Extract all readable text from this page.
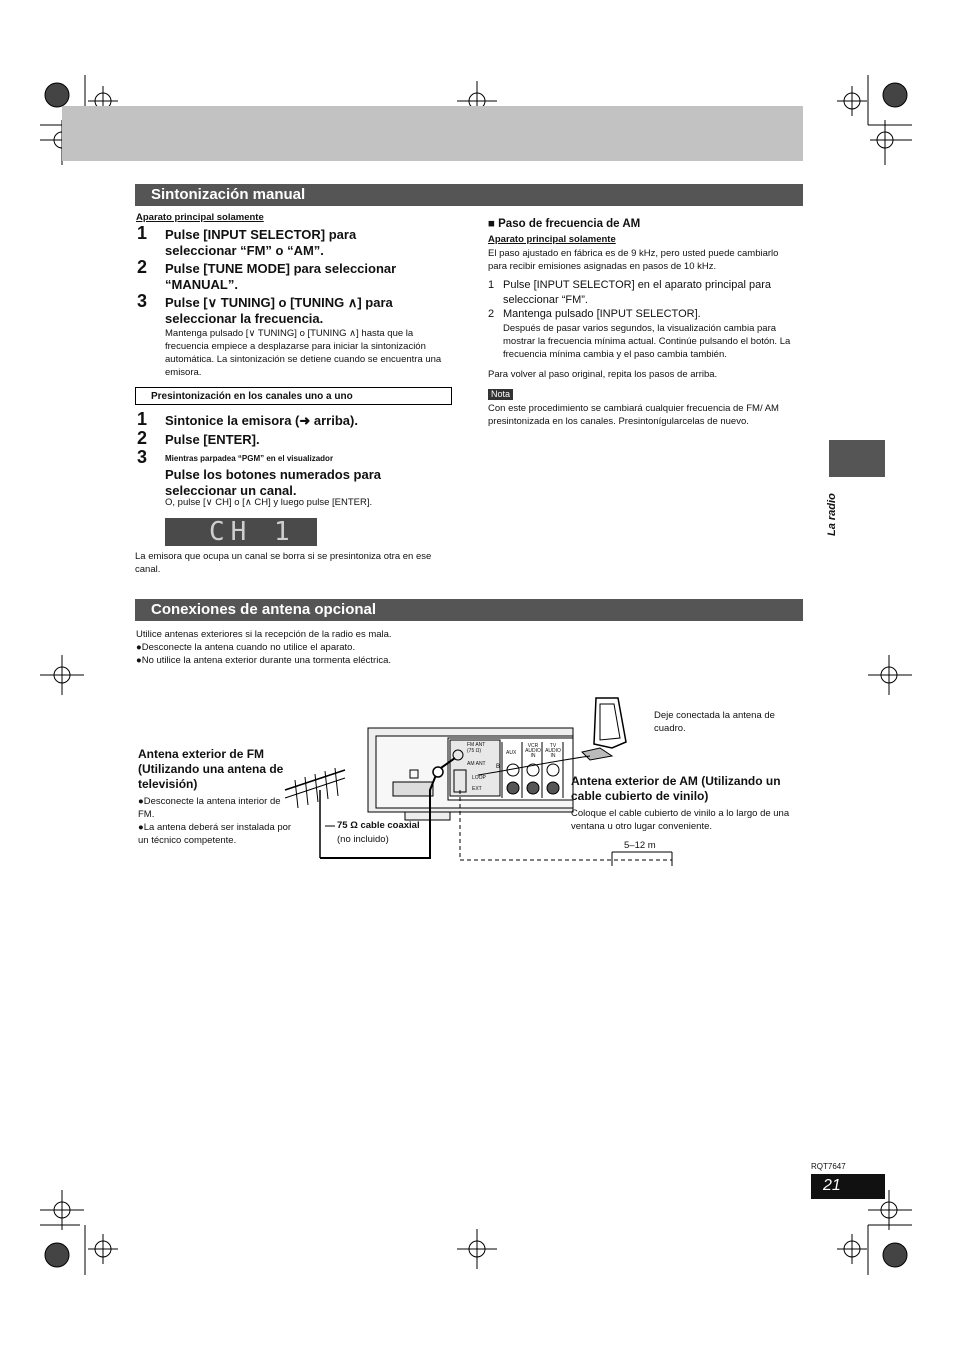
Sintonización manual
Aparato principal solamente
1 Pulse [INPUT SELECTOR] para seleccionar “FM” o “AM”.
2 Pulse [TUNE MODE] para seleccionar “MANUAL”.
3 Pulse [∨ TUNING] o [TUNING ∧] para seleccionar la frecuencia.
Mantenga pulsado [∨ TUNING] o [TUNING ∧] hasta que la frecuencia empiece a desplazarse para iniciar la sintonización automática. La sintonización se detiene cuando se encuentra una emisora.
Presintonización en los canales uno a uno
1 Sintonice la emisora (➜ arriba).
2 Pulse [ENTER].
3 Mientras parpadea “PGM” en el visualizador
Pulse los botones numerados para seleccionar un canal.
O, pulse [∨ CH] o [∧ CH] y luego pulse [ENTER].
CH 1
La emisora que ocupa un canal se borra si se presintoniza otra en ese canal.
■ Paso de frecuencia de AM
Aparato principal solamente
El paso ajustado en fábrica es de 9 kHz, pero usted puede cambiarlo para recibir emisiones asignadas en pasos de 10 kHz.
1 Pulse [INPUT SELECTOR] en el aparato principal para seleccionar “FM”.
2 Mantenga pulsado [INPUT SELECTOR].
Después de pasar varios segundos, la visualización cambia para mostrar la frecuencia mínima actual. Continúe pulsando el botón. La frecuencia mínima cambia y el paso cambia también.
Para volver al paso original, repita los pasos de arriba.
Nota
Con este procedimiento se cambiará cualquier frecuencia de FM/ AM presintonizada en los canales. Presintonígularcelas de nuevo.
La radio
Conexiones de antena opcional
Utilice antenas exteriores si la recepción de la radio es mala.
●Desconecte la antena cuando no utilice el aparato.
●No utilice la antena exterior durante una tormenta eléctrica.
FM ANT
(75 Ω)
AM ANT
LOOP
EXT
AUX
VCR AUDIO IN
TV AUDIO IN
B
Antena exterior de FM (Utilizando una antena de televisión)
●Desconecte la antena interior de FM.
●La antena deberá ser instalada por un técnico competente.
75 Ω cable coaxial
(no incluido)
Deje conectada la antena de cuadro.
Antena exterior de AM (Utilizando un cable cubierto de vinilo)
Coloque el cable cubierto de vinilo a lo largo de una ventana u otro lugar conveniente.
5–12 m
RQT7647
21
